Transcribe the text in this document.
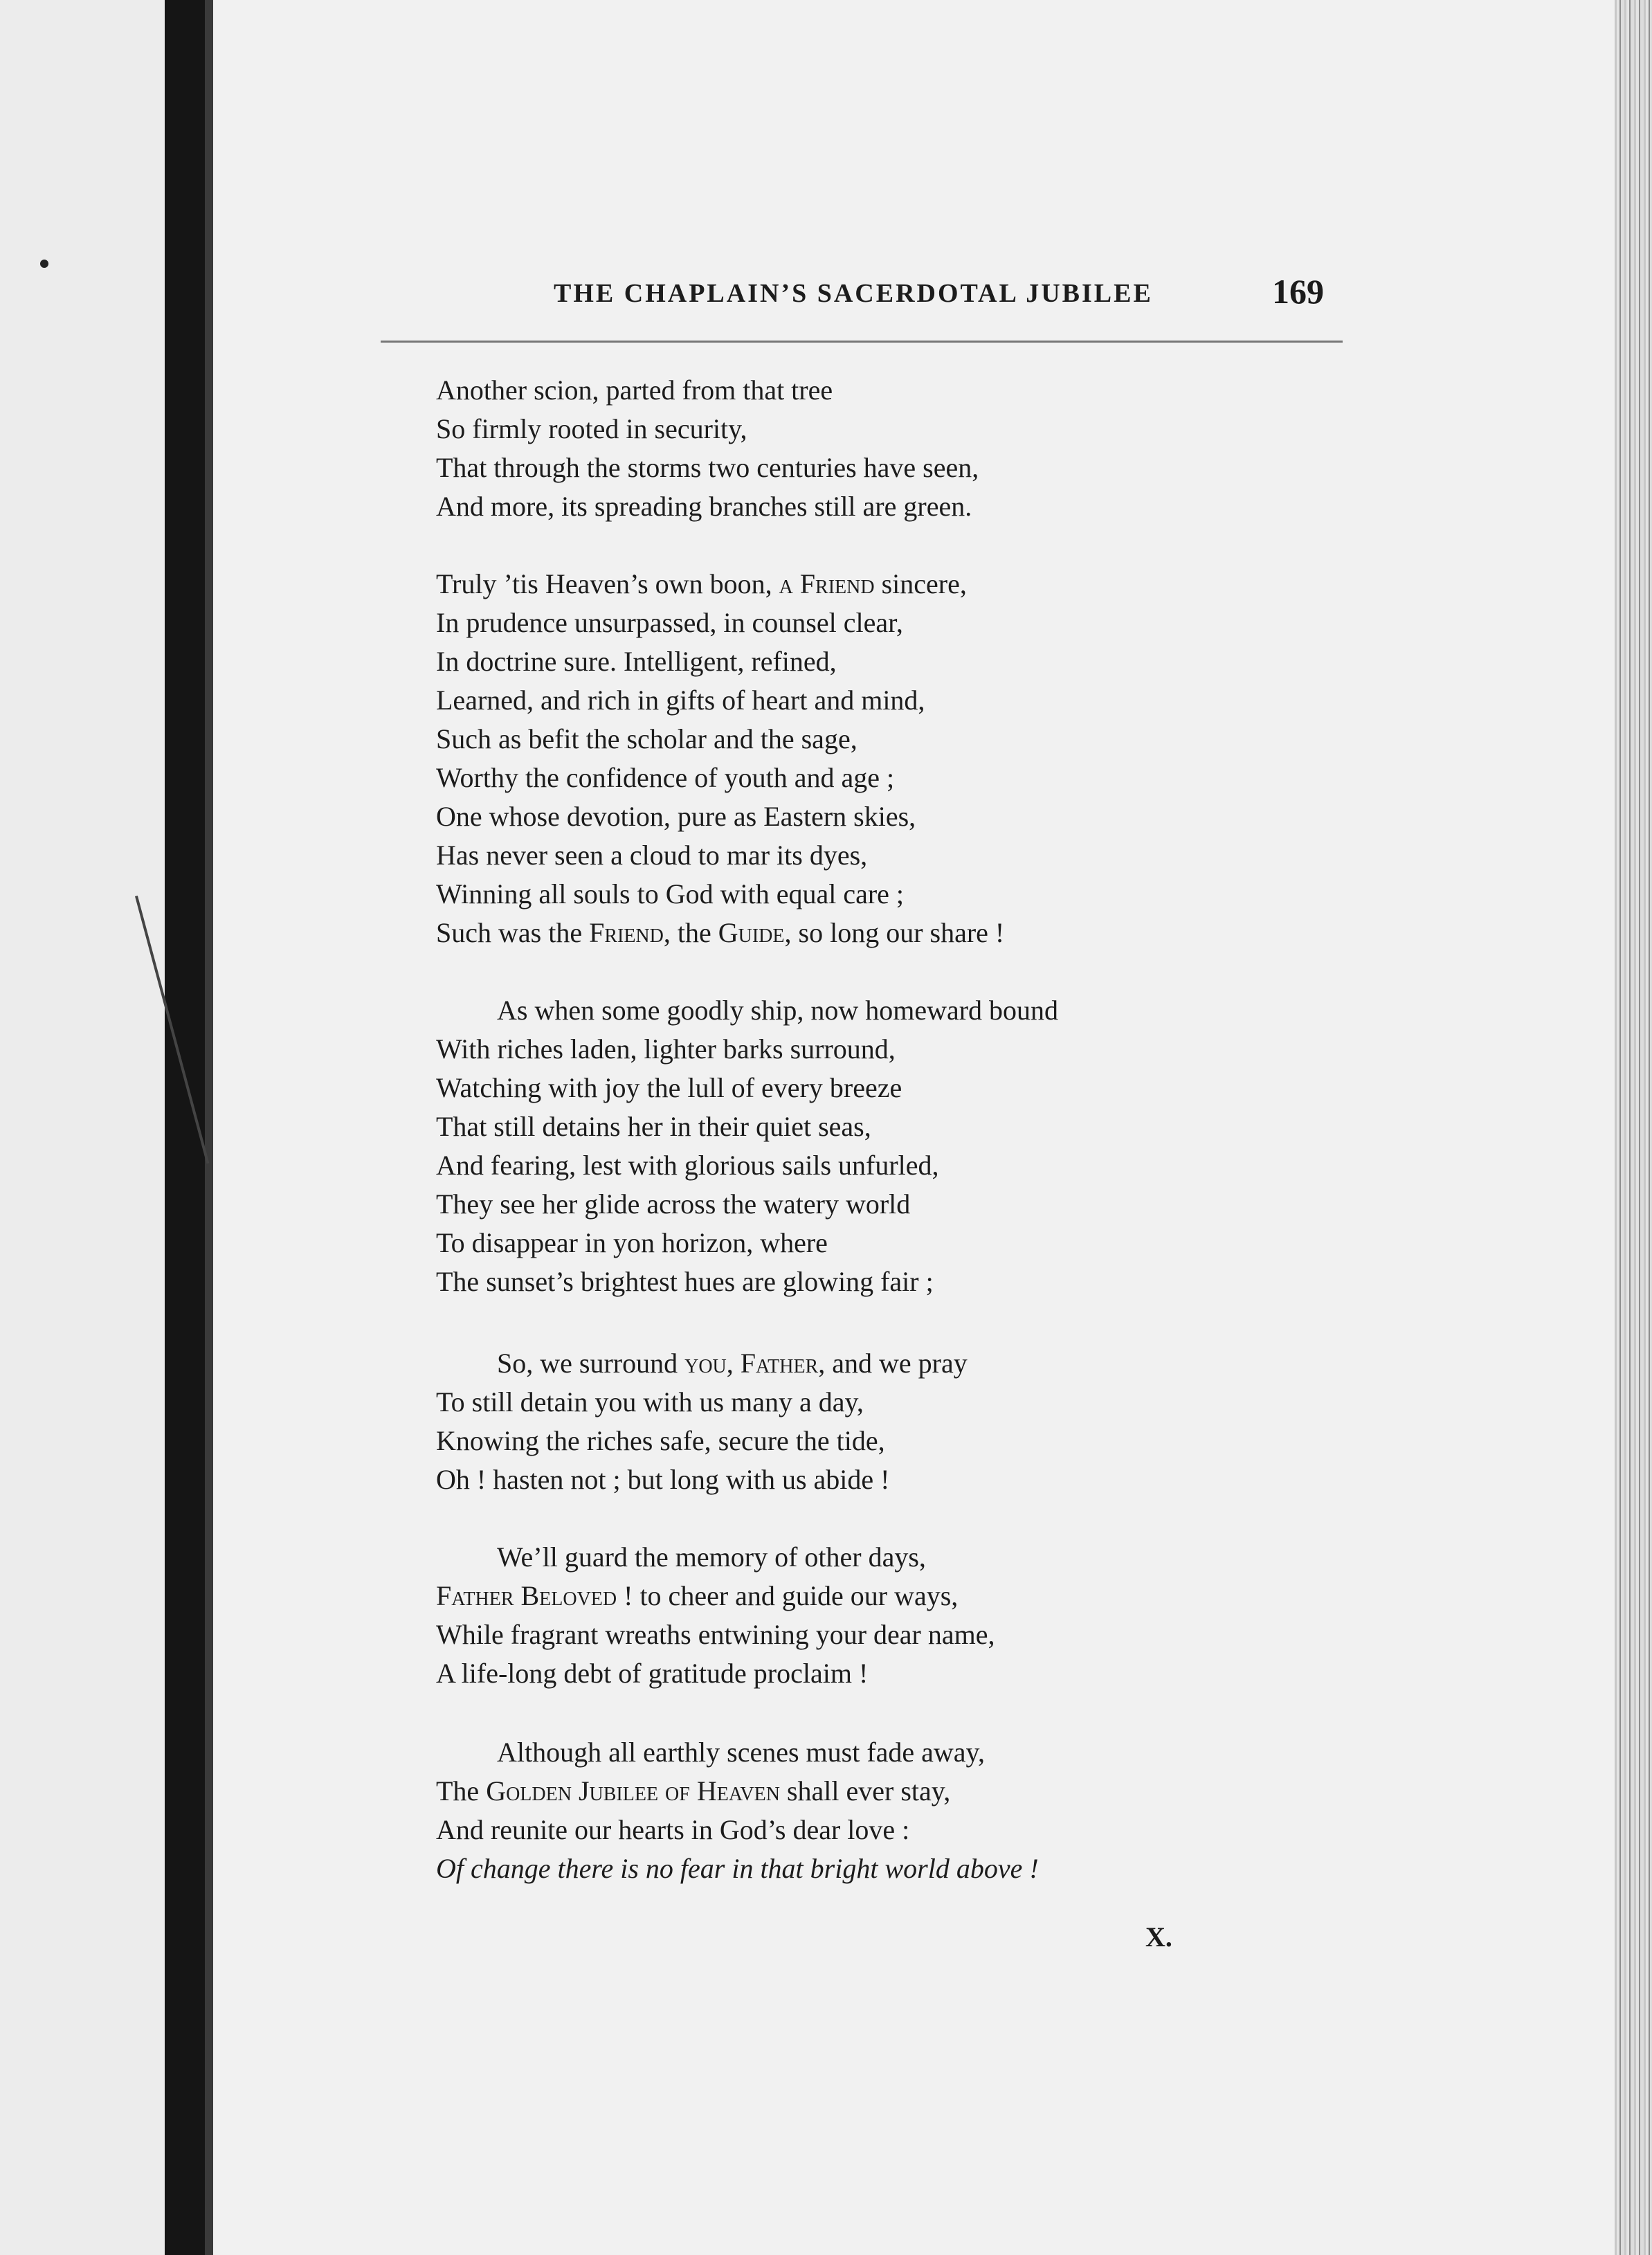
THE CHAPLAIN’S SACERDOTAL JUBILEE	169
Another scion, parted from that tree
So firmly rooted in security,
That through the storms two centuries have seen,
And more, its spreading branches still are green.
Truly ’tis Heaven’s own boon, a Friend sincere,
In prudence unsurpassed, in counsel clear,
In doctrine sure. Intelligent, refined,
Learned, and rich in gifts of heart and mind,
Such as befit the scholar and the sage,
Worthy the confidence of youth and age ;
One whose devotion, pure as Eastern skies,
Has never seen a cloud to mar its dyes,
Winning all souls to God with equal care ;
Such was the Friend, the Guide, so long our share !
As when some goodly ship, now homeward bound
With riches laden, lighter barks surround,
Watching with joy the lull of every breeze
That still detains her in their quiet seas,
And fearing, lest with glorious sails unfurled,
They see her glide across the watery world
To disappear in yon horizon, where
The sunset’s brightest hues are glowing fair ;
So, we surround you, Father, and we pray
To still detain you with us many a day,
Knowing the riches safe, secure the tide,
Oh ! hasten not ; but long with us abide !
We’ll guard the memory of other days,
Father Beloved ! to cheer and guide our ways,
While fragrant wreaths entwining your dear name,
A life-long debt of gratitude proclaim !
Although all earthly scenes must fade away,
The Golden Jubilee of Heaven shall ever stay,
And reunite our hearts in God’s dear love :
Of change there is no fear in that bright world above !
X.
